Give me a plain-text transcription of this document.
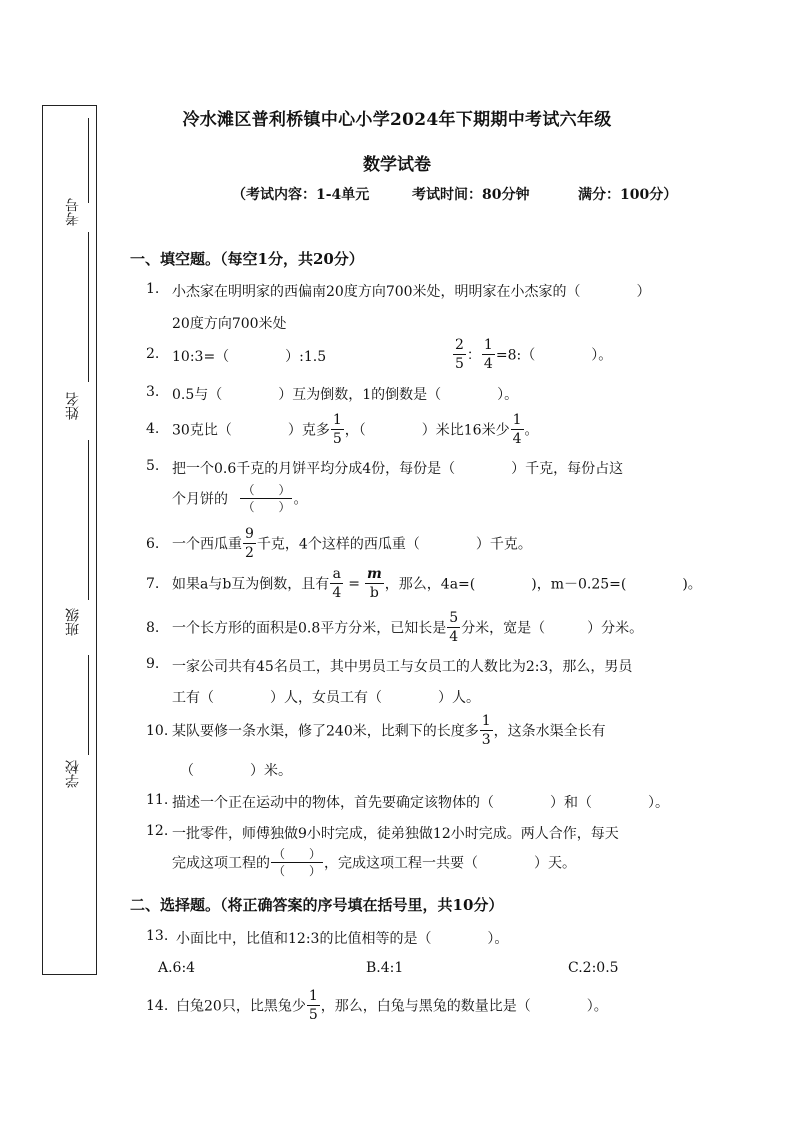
考号
姓名
班级
学校
冷水滩区普利桥镇中心小学2024年下期期中考试六年级
数学试卷
（考试内容：1-4单元	考试时间：80分钟	满分：100分）
一、填空题。（每空1分，共20分）
1. 小杰家在明明家的西偏南20度方向700米处，明明家在小杰家的（　　　　）
20度方向700米处
2. 10:3=（　　　　）:1.5	$\frac{2}{5}$ ： $\frac{1}{4}$ =8:（　　　　）。
3. 0.5与（　　　　）互为倒数，1的倒数是（　　　　）。
4. 30克比（　　　　）克多 $\frac{1}{5}$ ，（　　　　）米比16米少 $\frac{1}{4}$ 。
5. 把一个0.6千克的月饼平均分成4份，每份是（　　　　）千克，每份占这
个月饼的 $\frac{( )}{( )}$ 。
6. 一个西瓜重 $\frac{9}{2}$ 千克，4个这样的西瓜重（　　　　）千克。
7. 如果a与b互为倒数，且有 $\frac{a}{4} = \frac{m}{b}$ ，那么，4a=(　　　　)，m－0.25=(　　　　)。
8. 一个长方形的面积是0.8平方分米，已知长是 $\frac{5}{4}$ 分米，宽是（　　　）分米。
9. 一家公司共有45名员工，其中男员工与女员工的人数比为2:3，那么，男员
工有（　　　　）人，女员工有（　　　　）人。
10. 某队要修一条水渠，修了240米，比剩下的长度多 $\frac{1}{3}$ ，这条水渠全长有
（　　　　）米。
11. 描述一个正在运动中的物体，首先要确定该物体的（　　　　）和（　　　　）。
12. 一批零件，师傅独做9小时完成，徒弟独做12小时完成。两人合作，每天
完成这项工程的 $\frac{( )}{( )}$ ，完成这项工程一共要（　　　　）天。
二、选择题。（将正确答案的序号填在括号里，共10分）
13. 小面比中，比值和12:3的比值相等的是（　　　　）。
A.6:4	B.4:1	C.2:0.5
14. 白兔20只，比黑兔少 $\frac{1}{5}$ ，那么，白兔与黑兔的数量比是（　　　　）。
